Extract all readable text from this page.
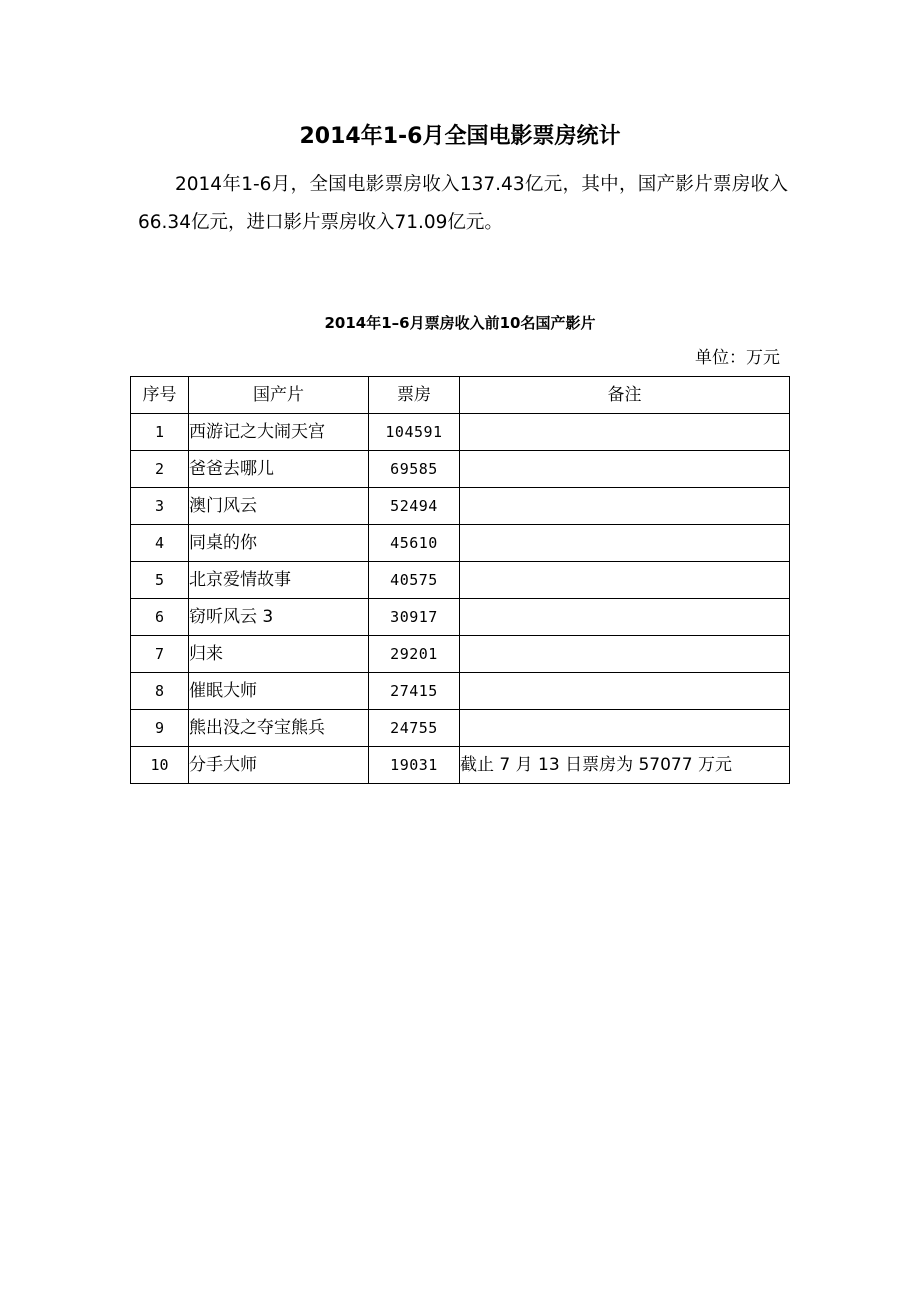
2014年1-6月全国电影票房统计

2014年1-6月，全国电影票房收入137.43亿元，其中，国产影片票房收入66.34亿元，进口影片票房收入71.09亿元。

2014年1–6月票房收入前10名国产影片
单位：万元
序号	国产片	票房	备注
1	西游记之大闹天宫	104591	
2	爸爸去哪儿	69585	
3	澳门风云	52494	
4	同桌的你	45610	
5	北京爱情故事	40575	
6	窃听风云 3	30917	
7	归来	29201	
8	催眠大师	27415	
9	熊出没之夺宝熊兵	24755	
10	分手大师	19031	截止 7 月 13 日票房为 57077 万元
